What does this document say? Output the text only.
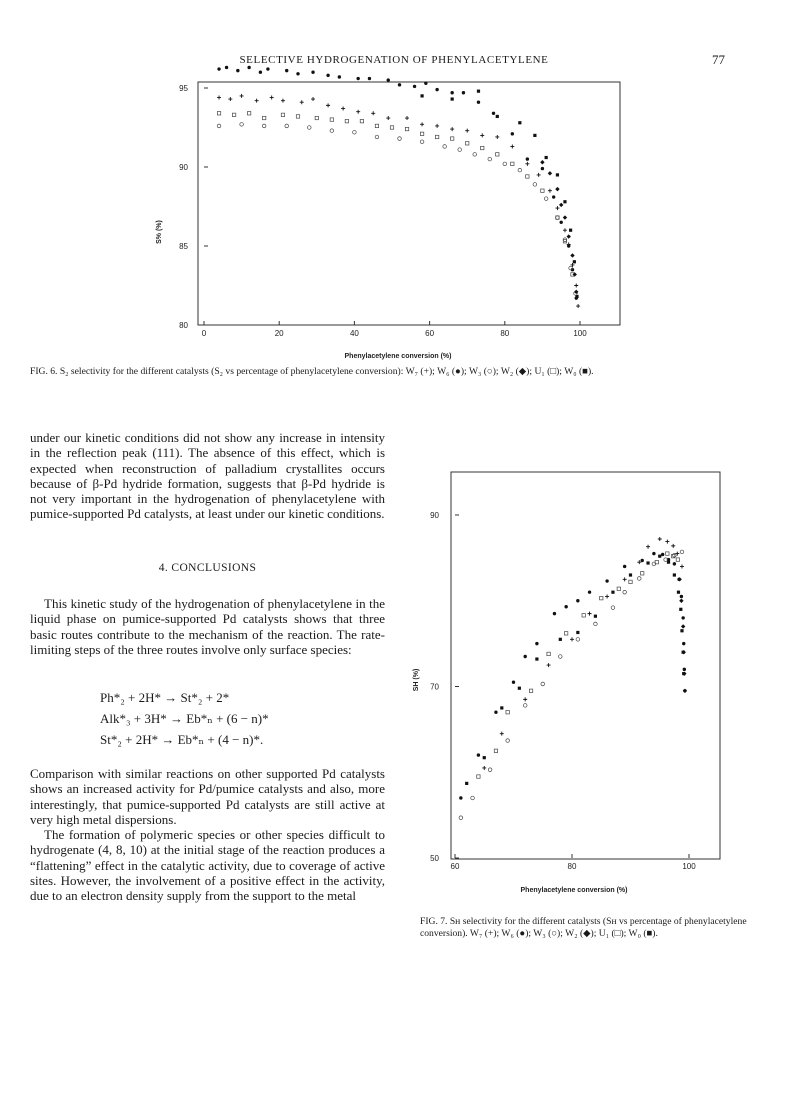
SELECTIVE HYDROGENATION OF PHENYLACETYLENE	77
0	20	40	60	80	100
80
85
90
95
S% (%)
Phenylacetylene conversion (%)
FIG. 6. S₂ selectivity for the different catalysts (S₂ vs percentage of phenylacetylene conversion): W₇ (+); W₆ (●); W₃ (○); W₂ (◆); U₁ (□); W₀ (■).

under our kinetic conditions did not show any increase in intensity in the reflection peak (111). The absence of this effect, which is expected when reconstruction of palladium crystallites occurs because of β-Pd hydride formation, suggests that β-Pd hydride is not very important in the hydrogenation of phenylacetylene with pumice-supported Pd catalysts, at least under our kinetic conditions.

4. CONCLUSIONS

This kinetic study of the hydrogenation of phenylacetylene in the liquid phase on pumice-supported Pd catalysts shows that three basic routes contribute to the mechanism of the reaction. The rate-limiting steps of the three routes involve only surface species:

Ph*₂ + 2H* → St*₂ + 2*
Alk*₃ + 3H* → Eb*ₙ + (6 − n)*
St*₂ + 2H* → Eb*ₙ + (4 − n)*.

Comparison with similar reactions on other supported Pd catalysts shows an increased activity for Pd/pumice catalysts and also, more interestingly, that pumice-supported Pd catalysts are still active at very high metal dispersions.

The formation of polymeric species or other species difficult to hydrogenate (4, 8, 10) at the initial stage of the reaction produces a “flattening” effect in the catalytic activity, due to coverage of active sites. However, the involvement of a positive effect in the activity, due to an electron density supply from the support to the metal

60	80	100
50
70
90
SH (%)
Phenylacetylene conversion (%)
FIG. 7. Sʜ selectivity for the different catalysts (Sʜ vs percentage of phenylacetylene conversion). W₇ (+); W₆ (●); W₃ (○); W₂ (◆); U₁ (□); W₀ (■).
